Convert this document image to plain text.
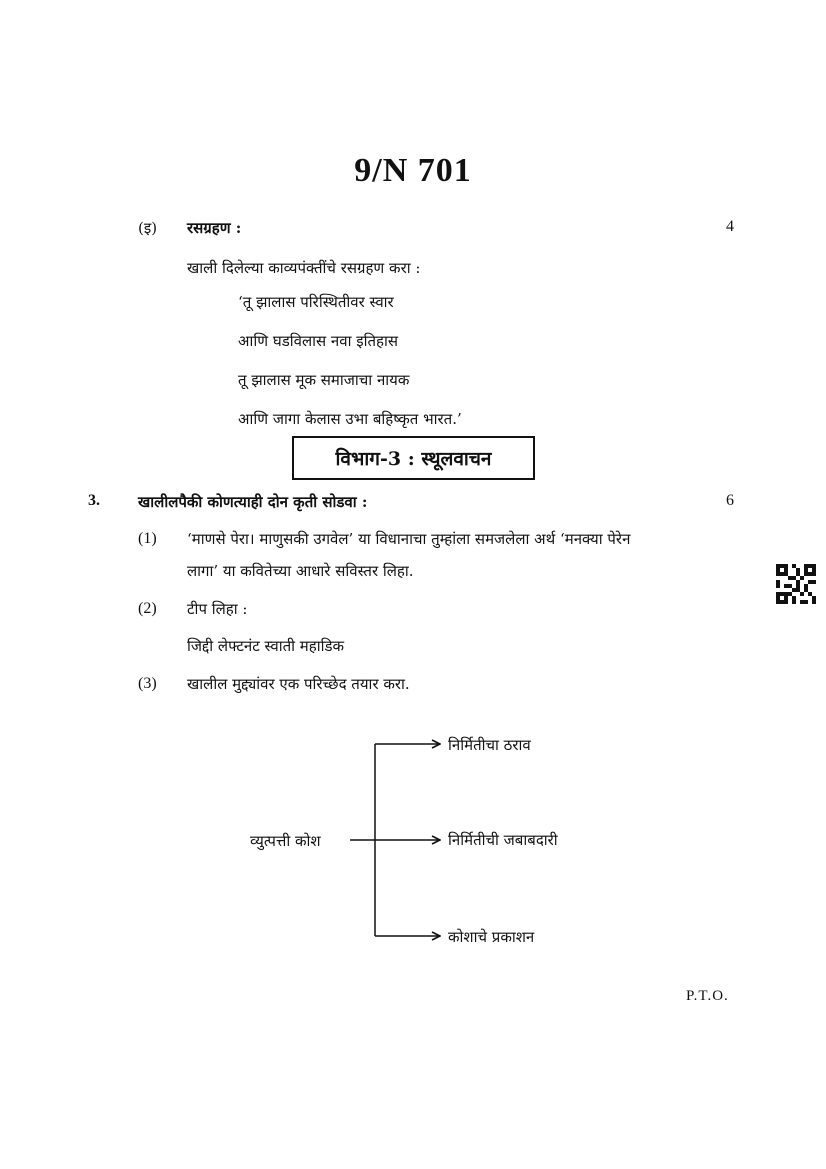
9/N 701
(इ) रसग्रहण :	4
खाली दिलेल्या काव्यपंक्तींचे रसग्रहण करा :
‘तू झालास परिस्थितीवर स्वार
आणि घडविलास नवा इतिहास
तू झालास मूक समाजाचा नायक
आणि जागा केलास उभा बहिष्कृत भारत.’
विभाग-3 : स्थूलवाचन
3.	खालीलपैकी कोणत्याही दोन कृती सोडवा :	6
(1) ‘माणसे पेरा। माणुसकी उगवेल’ या विधानाचा तुम्हांला समजलेला अर्थ ‘मनक्या पेरेन
लागा’ या कवितेच्या आधारे सविस्तर लिहा.
(2) टीप लिहा :
जिद्दी लेफ्टनंट स्वाती महाडिक
(3) खालील मुद्द्यांवर एक परिच्छेद तयार करा.
व्युत्पत्ती कोश
निर्मितीचा ठराव
निर्मितीची जबाबदारी
कोशाचे प्रकाशन
P.T.O.
